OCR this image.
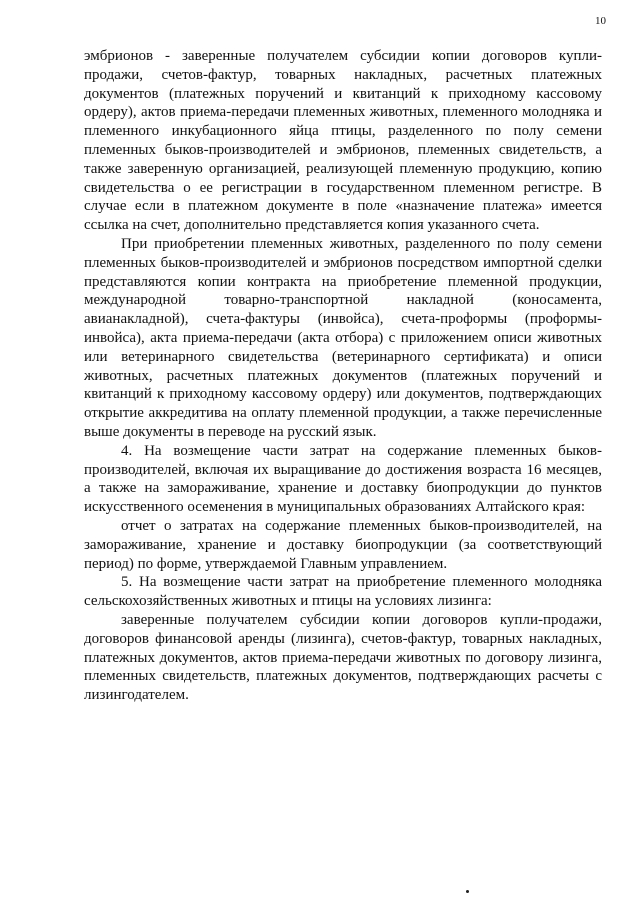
10

эмбрионов - заверенные получателем субсидии копии договоров купли-продажи, счетов-фактур, товарных накладных, расчетных платежных документов (платежных поручений и квитанций к приходному кассовому ордеру), актов приема-передачи племенных животных, племенного молодняка и племенного инкубационного яйца птицы, разделенного по полу семени племенных быков-производителей и эмбрионов, племенных свидетельств, а также заверенную организацией, реализующей племенную продукцию, копию свидетельства о ее регистрации в государственном племенном регистре. В случае если в платежном документе в поле «назначение платежа» имеется ссылка на счет, дополнительно представляется копия указанного счета.

При приобретении племенных животных, разделенного по полу семени племенных быков-производителей и эмбрионов посредством импортной сделки представляются копии контракта на приобретение племенной продукции, международной товарно-транспортной накладной (коносамента, авианакладной), счета-фактуры (инвойса), счета-проформы (проформы-инвойса), акта приема-передачи (акта отбора) с приложением описи животных или ветеринарного свидетельства (ветеринарного сертификата) и описи животных, расчетных платежных документов (платежных поручений и квитанций к приходному кассовому ордеру) или документов, подтверждающих открытие аккредитива на оплату племенной продукции, а также перечисленные выше документы в переводе на русский язык.

4. На возмещение части затрат на содержание племенных быков-производителей, включая их выращивание до достижения возраста 16 месяцев, а также на замораживание, хранение и доставку биопродукции до пунктов искусственного осеменения в муниципальных образованиях Алтайского края:

отчет о затратах на содержание племенных быков-производителей, на замораживание, хранение и доставку биопродукции (за соответствующий период) по форме, утверждаемой Главным управлением.

5. На возмещение части затрат на приобретение племенного молодняка сельскохозяйственных животных и птицы на условиях лизинга:

заверенные получателем субсидии копии договоров купли-продажи, договоров финансовой аренды (лизинга), счетов-фактур, товарных накладных, платежных документов, актов приема-передачи животных по договору лизинга, племенных свидетельств, платежных документов, подтверждающих расчеты с лизингодателем.
